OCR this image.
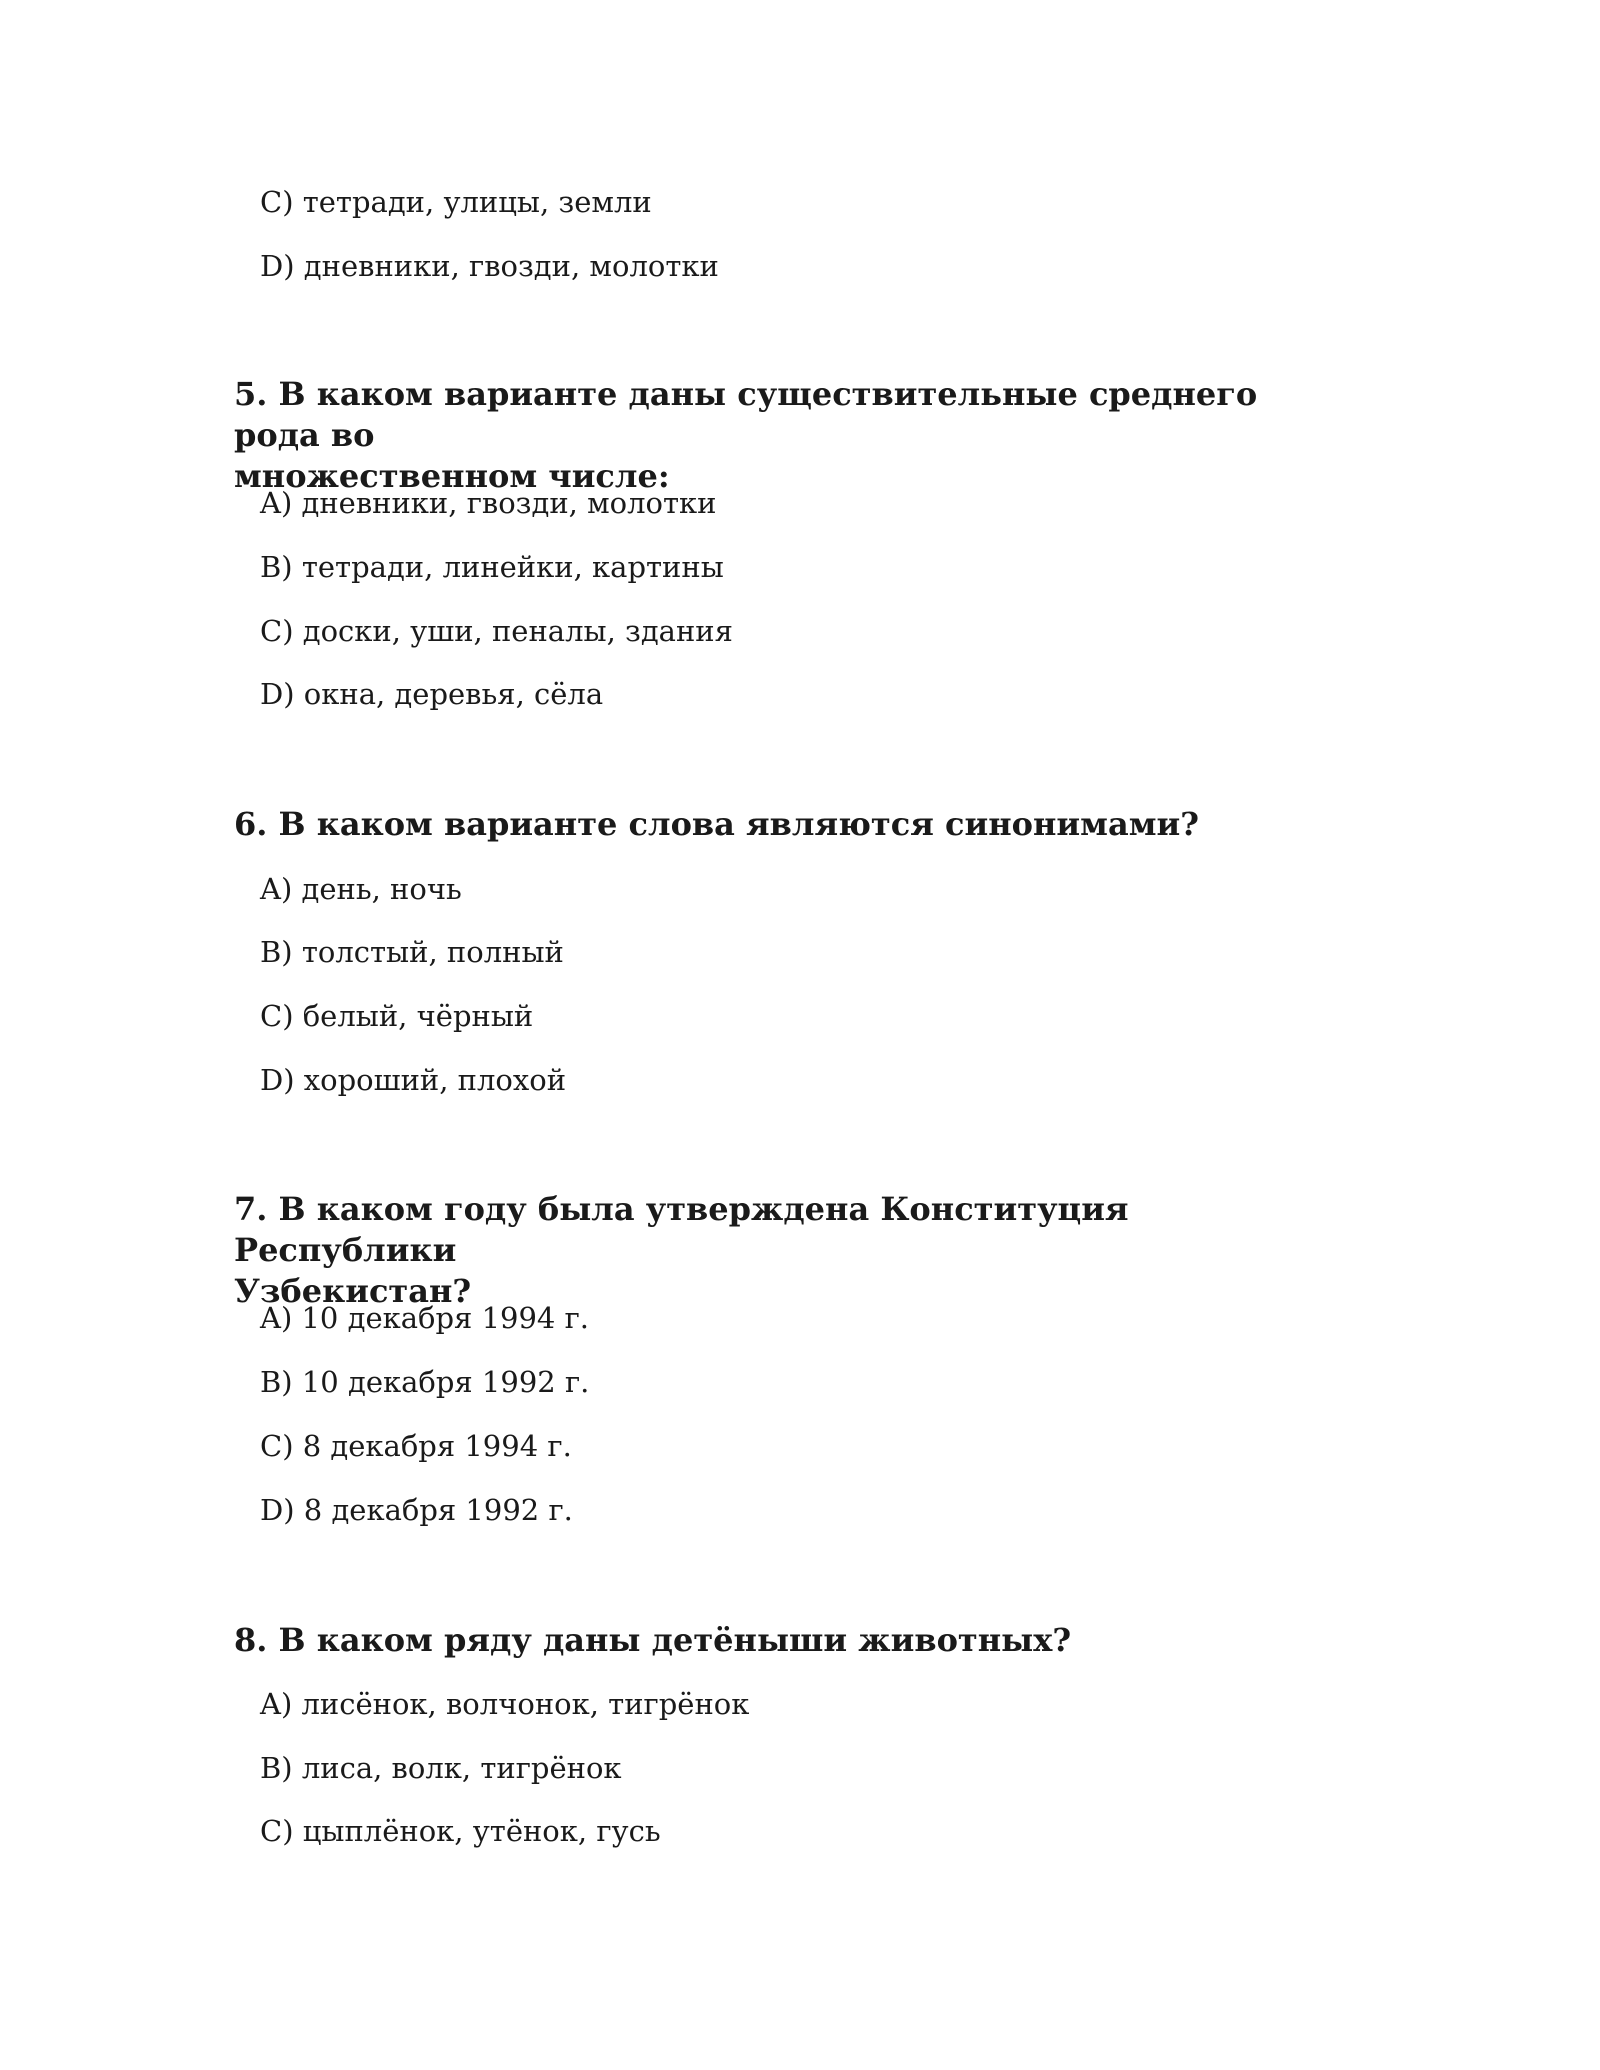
C) тетради, улицы, земли
D) дневники, гвозди, молотки
5. В каком варианте даны существительные среднего рода во
множественном числе:
A) дневники, гвозди, молотки
B) тетради, линейки, картины
C) доски, уши, пеналы, здания
D) окна, деревья, сёла
6. В каком варианте слова являются синонимами?
A) день, ночь
B) толстый, полный
C) белый, чёрный
D) хороший, плохой
7. В каком году была утверждена Конституция Республики
Узбекистан?
A) 10 декабря 1994 г.
B) 10 декабря 1992 г.
C) 8 декабря 1994 г.
D) 8 декабря 1992 г.
8. В каком ряду даны детёныши животных?
A) лисёнок, волчонок, тигрёнок
B) лиса, волк, тигрёнок
C) цыплёнок, утёнок, гусь
